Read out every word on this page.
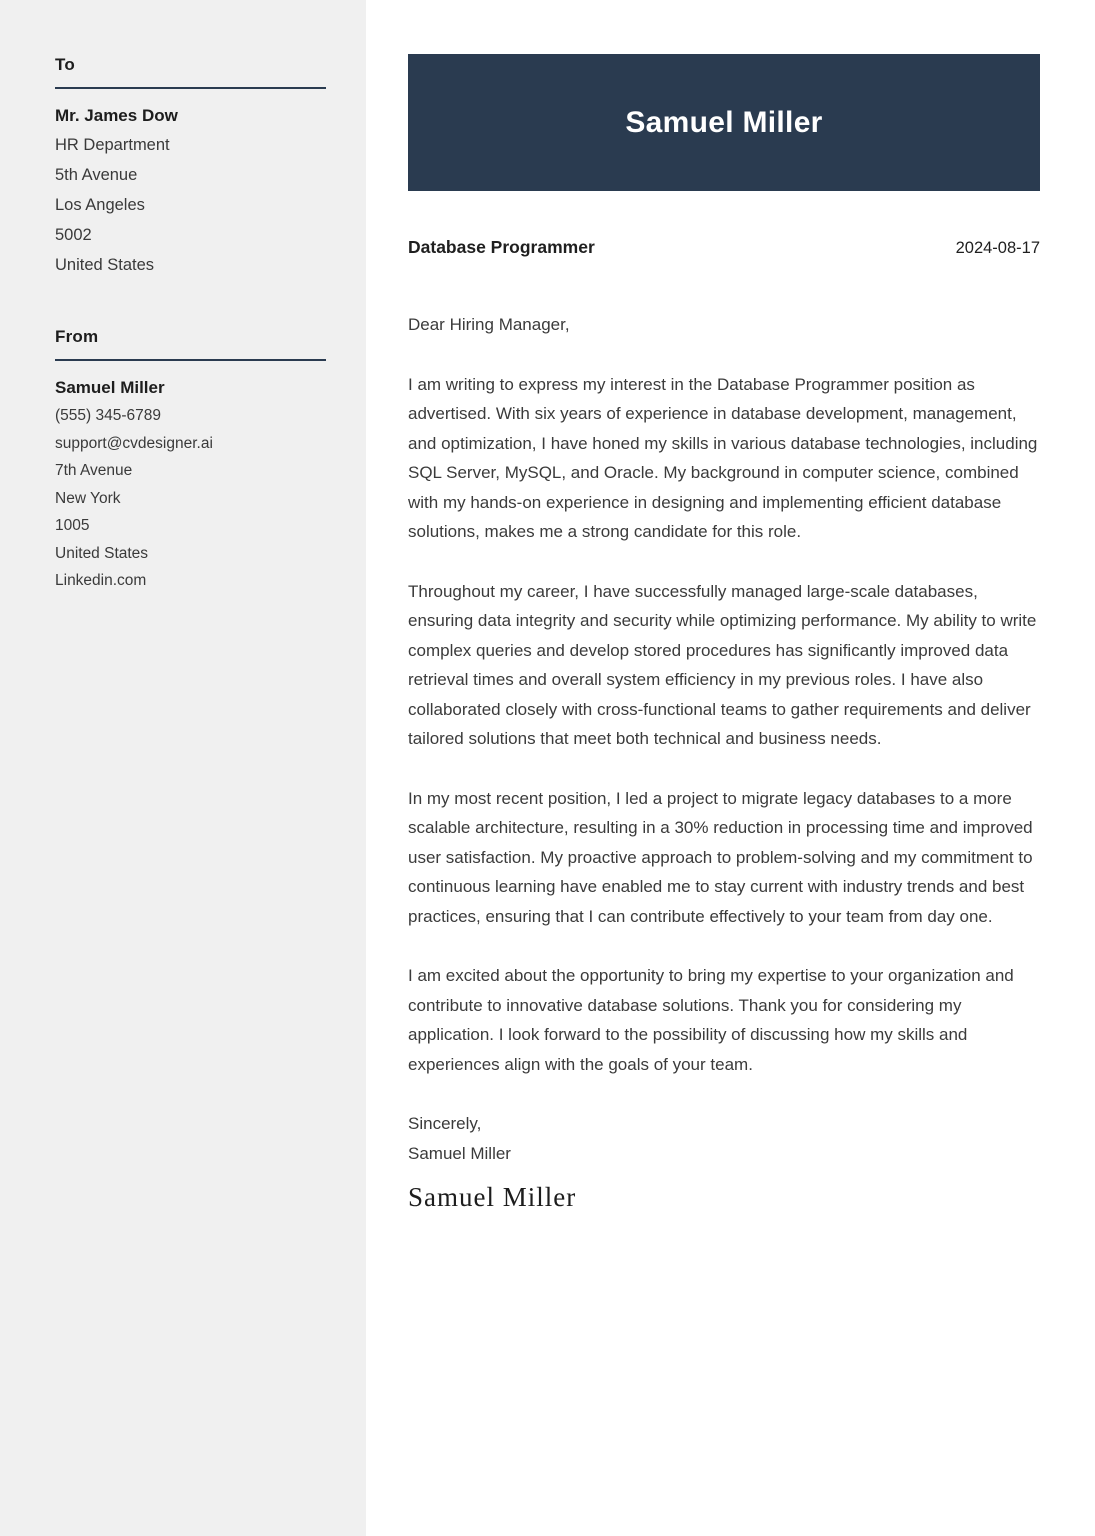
To
Mr. James Dow
HR Department
5th Avenue
Los Angeles
5002
United States
From
Samuel Miller
(555) 345-6789
support@cvdesigner.ai
7th Avenue
New York
1005
United States
Linkedin.com
Samuel Miller
Database Programmer	2024-08-17

Dear Hiring Manager,

I am writing to express my interest in the Database Programmer position as advertised. With six years of experience in database development, management, and optimization, I have honed my skills in various database technologies, including SQL Server, MySQL, and Oracle. My background in computer science, combined with my hands-on experience in designing and implementing efficient database solutions, makes me a strong candidate for this role.

Throughout my career, I have successfully managed large-scale databases, ensuring data integrity and security while optimizing performance. My ability to write complex queries and develop stored procedures has significantly improved data retrieval times and overall system efficiency in my previous roles. I have also collaborated closely with cross-functional teams to gather requirements and deliver tailored solutions that meet both technical and business needs.

In my most recent position, I led a project to migrate legacy databases to a more scalable architecture, resulting in a 30% reduction in processing time and improved user satisfaction. My proactive approach to problem-solving and my commitment to continuous learning have enabled me to stay current with industry trends and best practices, ensuring that I can contribute effectively to your team from day one.

I am excited about the opportunity to bring my expertise to your organization and contribute to innovative database solutions. Thank you for considering my application. I look forward to the possibility of discussing how my skills and experiences align with the goals of your team.

Sincerely,
Samuel Miller
Samuel Miller
